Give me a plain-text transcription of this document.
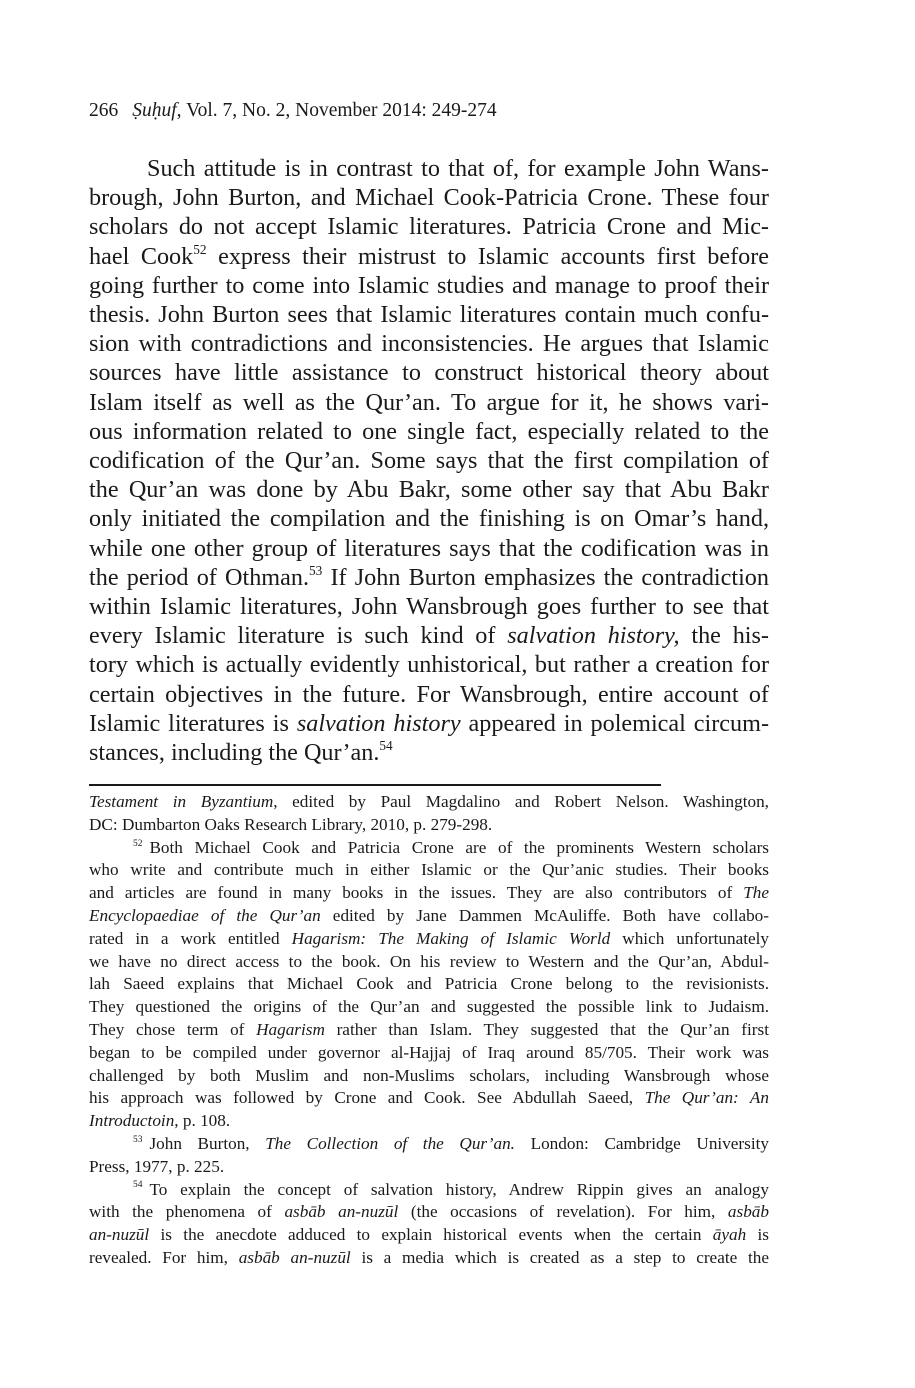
266 Ṣuḥuf, Vol. 7, No. 2, November 2014: 249-274
Such attitude is in contrast to that of, for example John Wans-
brough, John Burton, and Michael Cook-Patricia Crone. These four
scholars do not accept Islamic literatures. Patricia Crone and Mic-
hael Cook$^{52}$ express their mistrust to Islamic accounts first before
going further to come into Islamic studies and manage to proof their
thesis. John Burton sees that Islamic literatures contain much confu-
sion with contradictions and inconsistencies. He argues that Islamic
sources have little assistance to construct historical theory about
Islam itself as well as the Qur’an. To argue for it, he shows vari-
ous information related to one single fact, especially related to the
codification of the Qur’an. Some says that the first compilation of
the Qur’an was done by Abu Bakr, some other say that Abu Bakr
only initiated the compilation and the finishing is on Omar’s hand,
while one other group of literatures says that the codification was in
the period of Othman.$^{53}$ If John Burton emphasizes the contradiction
within Islamic literatures, John Wansbrough goes further to see that
every Islamic literature is such kind of salvation history, the his-
tory which is actually evidently unhistorical, but rather a creation for
certain objectives in the future. For Wansbrough, entire account of
Islamic literatures is salvation history appeared in polemical circum-
stances, including the Qur’an.$^{54}$
Testament in Byzantium, edited by Paul Magdalino and Robert Nelson. Washington,
DC: Dumbarton Oaks Research Library, 2010, p. 279-298.
$^{52}$ Both Michael Cook and Patricia Crone are of the prominents Western scholars
who write and contribute much in either Islamic or the Qur’anic studies. Their books
and articles are found in many books in the issues. They are also contributors of The
Encyclopaediae of the Qur’an edited by Jane Dammen McAuliffe. Both have collabo-
rated in a work entitled Hagarism: The Making of Islamic World which unfortunately
we have no direct access to the book. On his review to Western and the Qur’an, Abdul-
lah Saeed explains that Michael Cook and Patricia Crone belong to the revisionists.
They questioned the origins of the Qur’an and suggested the possible link to Judaism.
They chose term of Hagarism rather than Islam. They suggested that the Qur’an first
began to be compiled under governor al-Hajjaj of Iraq around 85/705. Their work was
challenged by both Muslim and non-Muslims scholars, including Wansbrough whose
his approach was followed by Crone and Cook. See Abdullah Saeed, The Qur’an: An
Introductoin, p. 108.
$^{53}$ John Burton, The Collection of the Qur’an. London: Cambridge University
Press, 1977, p. 225.
$^{54}$ To explain the concept of salvation history, Andrew Rippin gives an analogy
with the phenomena of asbāb an-nuzūl (the occasions of revelation). For him, asbāb
an-nuzūl is the anecdote adduced to explain historical events when the certain āyah is
revealed. For him, asbāb an-nuzūl is a media which is created as a step to create the
